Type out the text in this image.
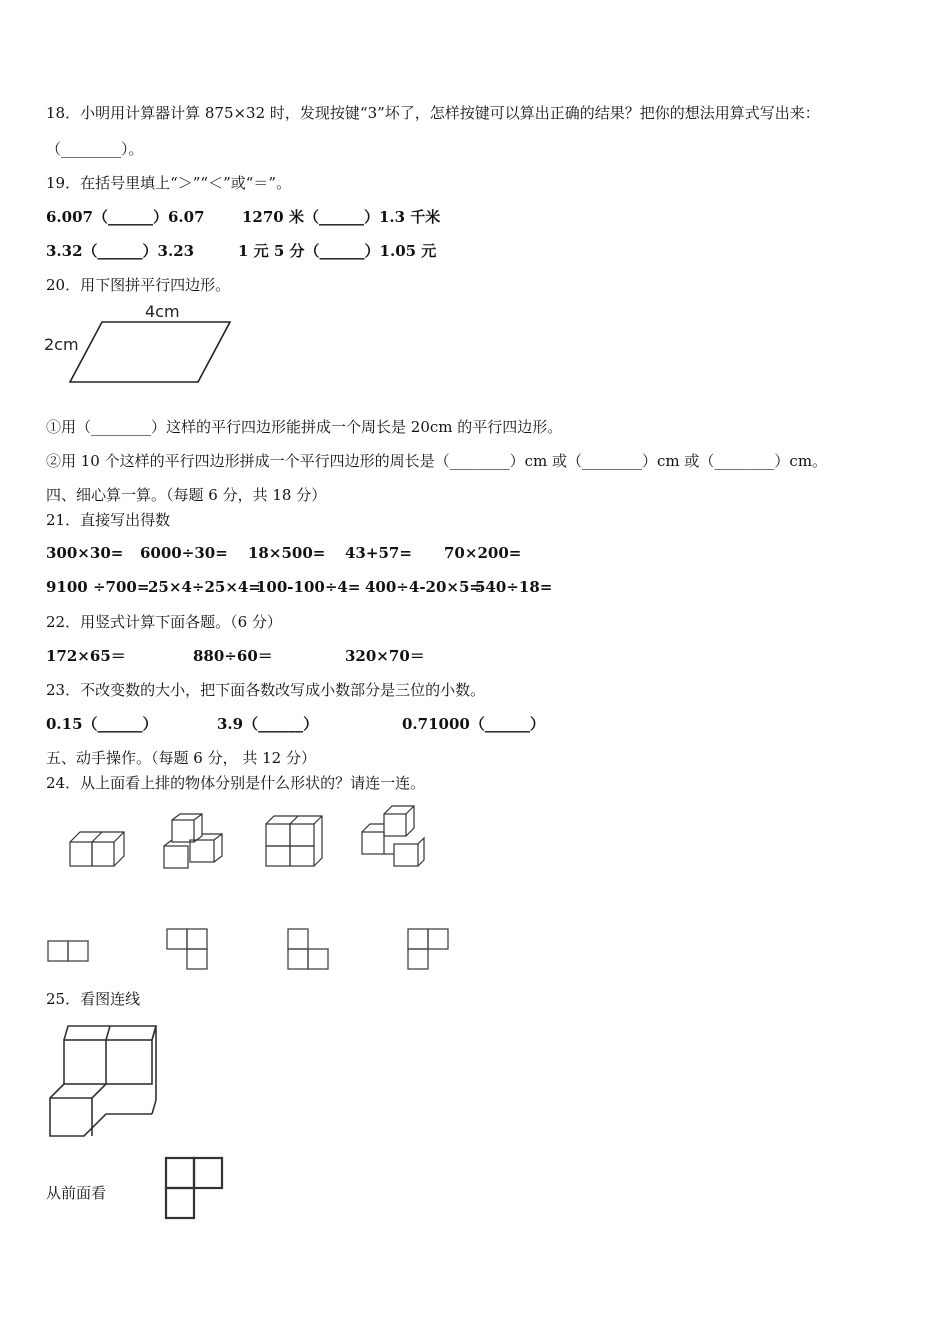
18．小明用计算器计算 875×32 时，发现按键“3”坏了，怎样按键可以算出正确的结果？把你的想法用算式写出来：
（________）。
19．在括号里填上“＞”“＜”或“＝”。
6.007（______）6.07 1270 米（______）1.3 千米
3.32（______）3.23	1 元 5 分（______）1.05 元
20．用下图拼平行四边形。
4cm
2cm
①用（________）这样的平行四边形能拼成一个周长是 20cm 的平行四边形。
②用 10 个这样的平行四边形拼成一个平行四边形的周长是（________）cm 或（________）cm 或（________）cm。
四、细心算一算。（每题 6 分，共 18 分）
21．直接写出得数
300×30= 6000÷30= 18×500= 43+57= 70×200=
9100 ÷700=25×4÷25×4=100-100÷4= 400÷4-20×5=540÷18=
22．用竖式计算下面各题。（6 分）
172×65＝	880÷60＝	320×70＝
23．不改变数的大小，把下面各数改写成小数部分是三位的小数。
0.15（______）	3.9（______）	0.71000（______）
五、动手操作。（每题 6 分， 共 12 分）
24．从上面看上排的物体分别是什么形状的？请连一连。
25．看图连线
从前面看
